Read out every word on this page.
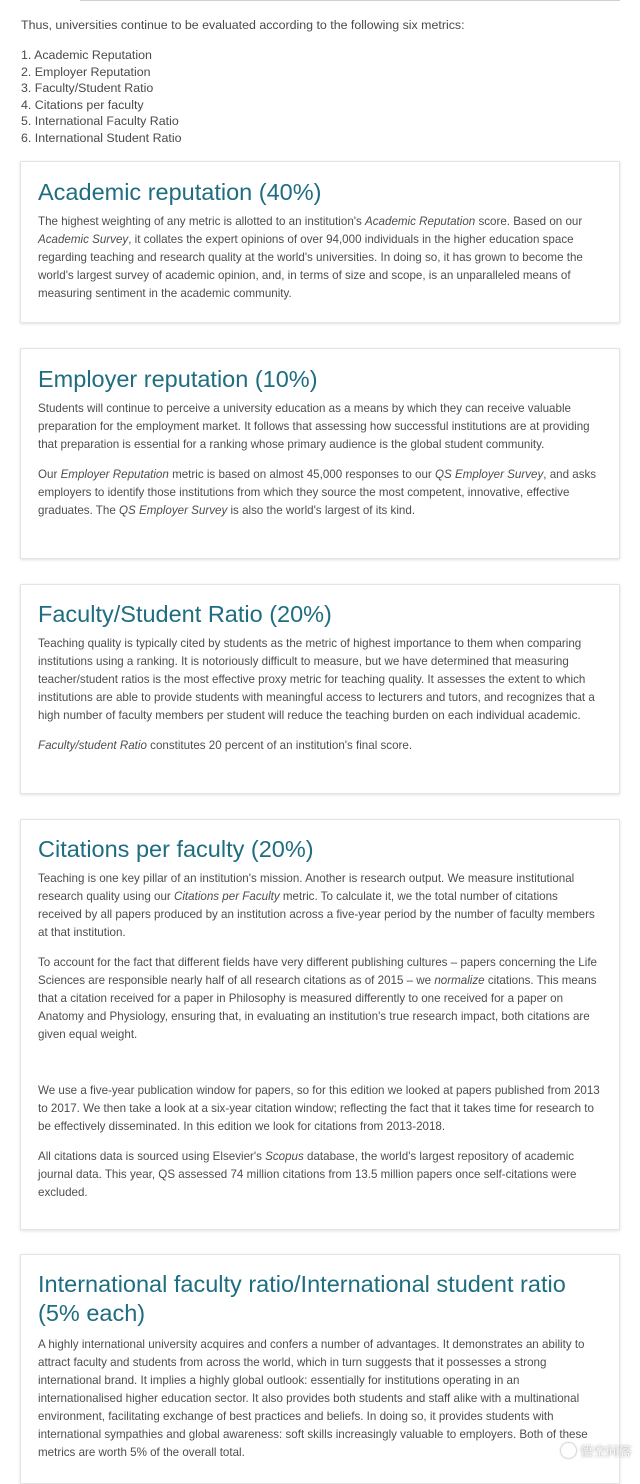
Thus, universities continue to be evaluated according to the following six metrics:

1. Academic Reputation
2. Employer Reputation
3. Faculty/Student Ratio
4. Citations per faculty
5. International Faculty Ratio
6. International Student Ratio
Academic reputation (40%)

The highest weighting of any metric is allotted to an institution's Academic Reputation score. Based on our Academic Survey, it collates the expert opinions of over 94,000 individuals in the higher education space regarding teaching and research quality at the world's universities. In doing so, it has grown to become the world's largest survey of academic opinion, and, in terms of size and scope, is an unparalleled means of measuring sentiment in the academic community.

Employer reputation (10%)

Students will continue to perceive a university education as a means by which they can receive valuable preparation for the employment market. It follows that assessing how successful institutions are at providing that preparation is essential for a ranking whose primary audience is the global student community.

Our Employer Reputation metric is based on almost 45,000 responses to our QS Employer Survey, and asks employers to identify those institutions from which they source the most competent, innovative, effective graduates. The QS Employer Survey is also the world's largest of its kind.

Faculty/Student Ratio (20%)

Teaching quality is typically cited by students as the metric of highest importance to them when comparing institutions using a ranking. It is notoriously difficult to measure, but we have determined that measuring teacher/student ratios is the most effective proxy metric for teaching quality. It assesses the extent to which institutions are able to provide students with meaningful access to lecturers and tutors, and recognizes that a high number of faculty members per student will reduce the teaching burden on each individual academic.

Faculty/student Ratio constitutes 20 percent of an institution's final score.

Citations per faculty (20%)

Teaching is one key pillar of an institution's mission. Another is research output. We measure institutional research quality using our Citations per Faculty metric. To calculate it, we the total number of citations received by all papers produced by an institution across a five-year period by the number of faculty members at that institution.

To account for the fact that different fields have very different publishing cultures – papers concerning the Life Sciences are responsible nearly half of all research citations as of 2015 – we normalize citations. This means that a citation received for a paper in Philosophy is measured differently to one received for a paper on Anatomy and Physiology, ensuring that, in evaluating an institution's true research impact, both citations are given equal weight.

We use a five-year publication window for papers, so for this edition we looked at papers published from 2013 to 2017. We then take a look at a six-year citation window; reflecting the fact that it takes time for research to be effectively disseminated. In this edition we look for citations from 2013-2018.

All citations data is sourced using Elsevier's Scopus database, the world's largest repository of academic journal data. This year, QS assessed 74 million citations from 13.5 million papers once self-citations were excluded.

International faculty ratio/International student ratio (5% each)

A highly international university acquires and confers a number of advantages. It demonstrates an ability to attract faculty and students from across the world, which in turn suggests that it possesses a strong international brand. It implies a highly global outlook: essentially for institutions operating in an internationalised higher education sector. It also provides both students and staff alike with a multinational environment, facilitating exchange of best practices and beliefs. In doing so, it provides students with international sympathies and global awareness: soft skills increasingly valuable to employers. Both of these metrics are worth 5% of the overall total.	悟空问答
